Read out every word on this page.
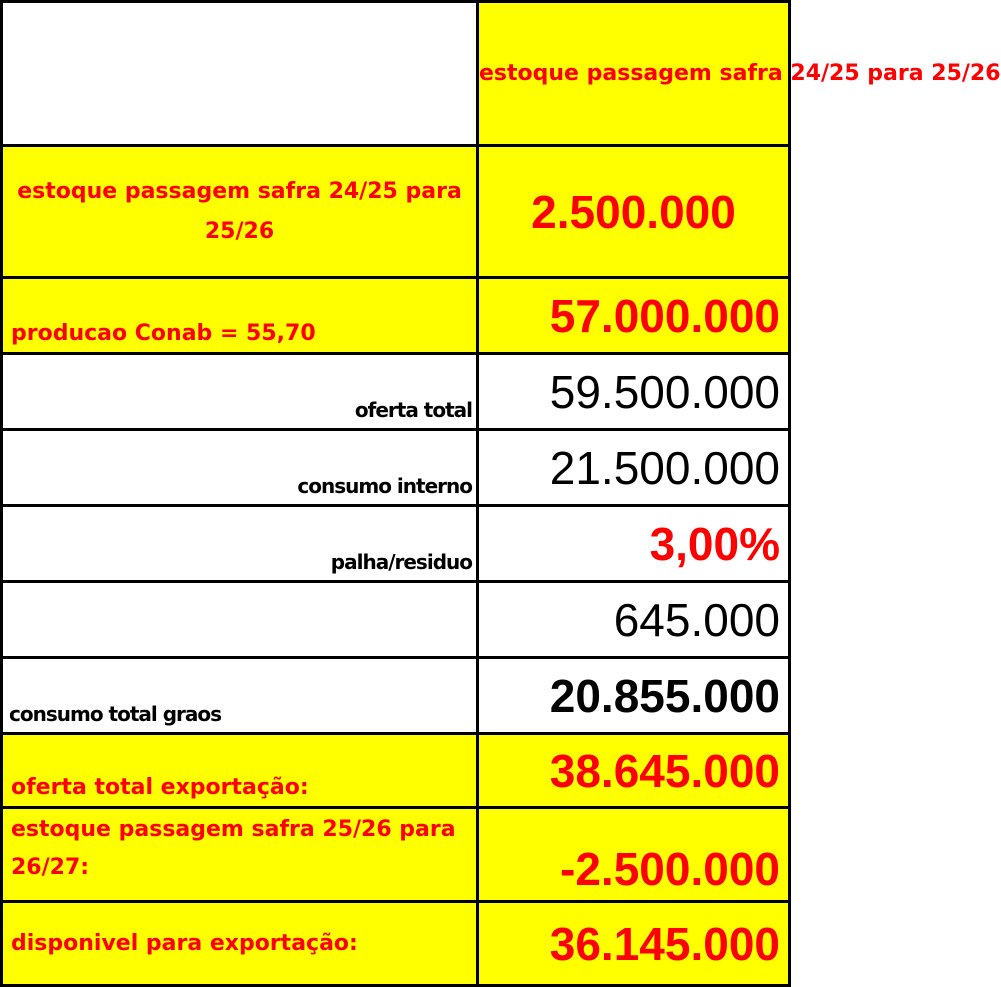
	estoque passagem safra 24/25 para 25/26
estoque passagem safra 24/25 para 25/26	2.500.000
producao Conab = 55,70	57.000.000
oferta total	59.500.000
consumo interno	21.500.000
palha/residuo	3,00%
	645.000
consumo total graos	20.855.000
oferta total exportação:	38.645.000
estoque passagem safra 25/26 para 26/27:	-2.500.000
disponivel para exportação:	36.145.000
